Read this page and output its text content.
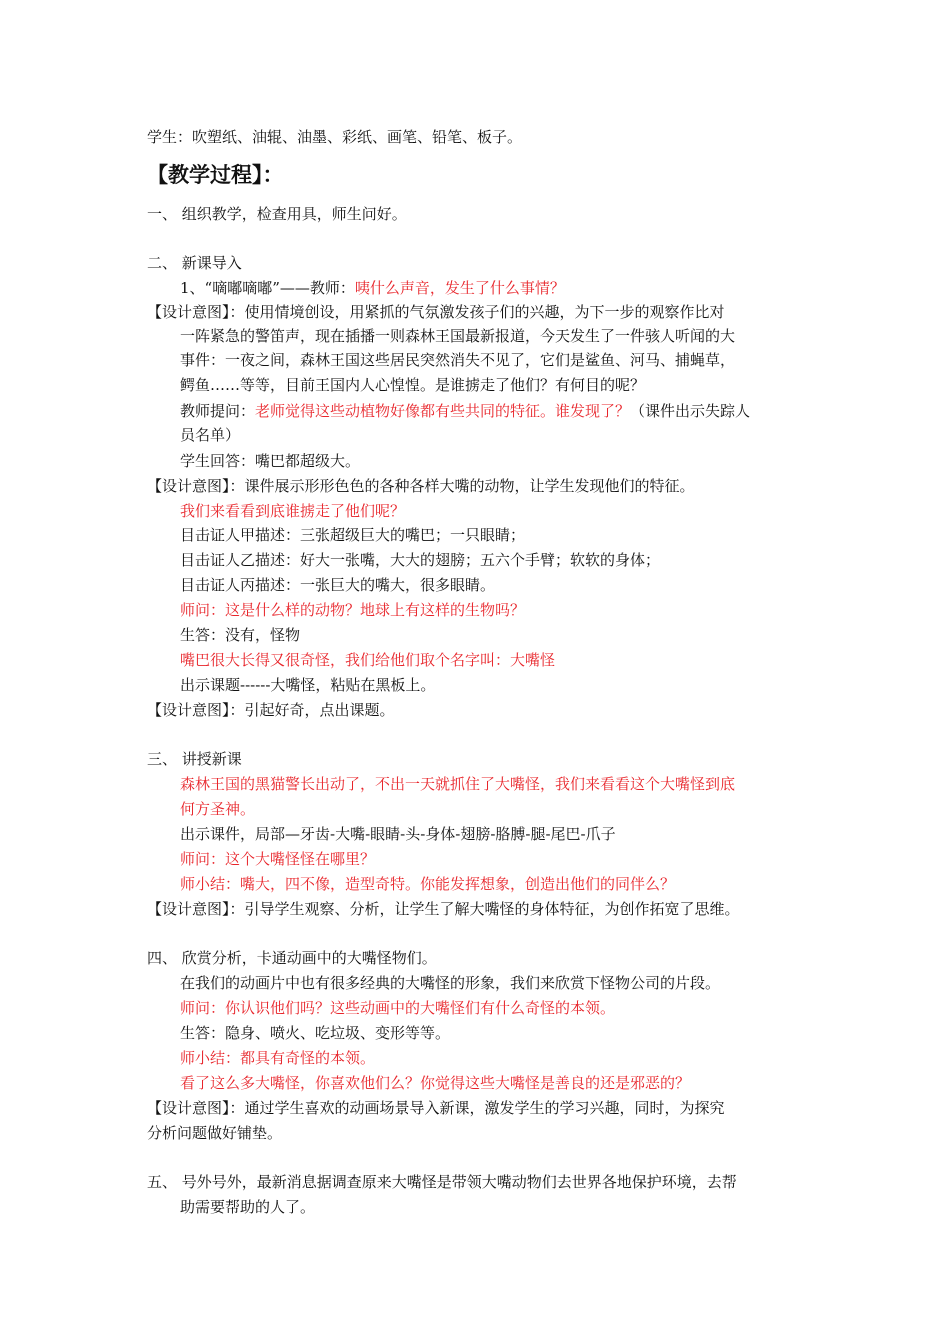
学生：吹塑纸、油辊、油墨、彩纸、画笔、铅笔、板子。
【教学过程】：
一、 组织教学，检查用具，师生问好。
二、 新课导入
1、“嘀嘟嘀嘟”——教师：咦什么声音，发生了什么事情？
【设计意图】：使用情境创设，用紧抓的气氛激发孩子们的兴趣，为下一步的观察作比对
一阵紧急的警笛声，现在插播一则森林王国最新报道，今天发生了一件骇人听闻的大
事件：一夜之间，森林王国这些居民突然消失不见了，它们是鲨鱼、河马、捕蝇草，
鳄鱼……等等，目前王国内人心惶惶。是谁掳走了他们？有何目的呢？
教师提问：老师觉得这些动植物好像都有些共同的特征。谁发现了？（课件出示失踪人
员名单）
学生回答：嘴巴都超级大。
【设计意图】：课件展示形形色色的各种各样大嘴的动物，让学生发现他们的特征。
我们来看看到底谁掳走了他们呢？
目击证人甲描述：三张超级巨大的嘴巴；一只眼睛；
目击证人乙描述：好大一张嘴，大大的翅膀；五六个手臂；软软的身体；
目击证人丙描述：一张巨大的嘴大，很多眼睛。
师问：这是什么样的动物？地球上有这样的生物吗？
生答：没有，怪物
嘴巴很大长得又很奇怪，我们给他们取个名字叫：大嘴怪
出示课题------大嘴怪，粘贴在黑板上。
【设计意图】：引起好奇，点出课题。
三、 讲授新课
森林王国的黑猫警长出动了，不出一天就抓住了大嘴怪，我们来看看这个大嘴怪到底
何方圣神。
出示课件，局部—牙齿-大嘴-眼睛-头-身体-翅膀-胳膊-腿-尾巴-爪子
师问：这个大嘴怪怪在哪里？
师小结：嘴大，四不像，造型奇特。你能发挥想象，创造出他们的同伴么？
【设计意图】：引导学生观察、分析，让学生了解大嘴怪的身体特征，为创作拓宽了思维。
四、 欣赏分析，卡通动画中的大嘴怪物们。
在我们的动画片中也有很多经典的大嘴怪的形象，我们来欣赏下怪物公司的片段。
师问：你认识他们吗？这些动画中的大嘴怪们有什么奇怪的本领。
生答：隐身、喷火、吃垃圾、变形等等。
师小结：都具有奇怪的本领。
看了这么多大嘴怪，你喜欢他们么？你觉得这些大嘴怪是善良的还是邪恶的？
【设计意图】：通过学生喜欢的动画场景导入新课，激发学生的学习兴趣，同时，为探究
分析问题做好铺垫。
五、 号外号外，最新消息据调查原来大嘴怪是带领大嘴动物们去世界各地保护环境，去帮
助需要帮助的人了。
